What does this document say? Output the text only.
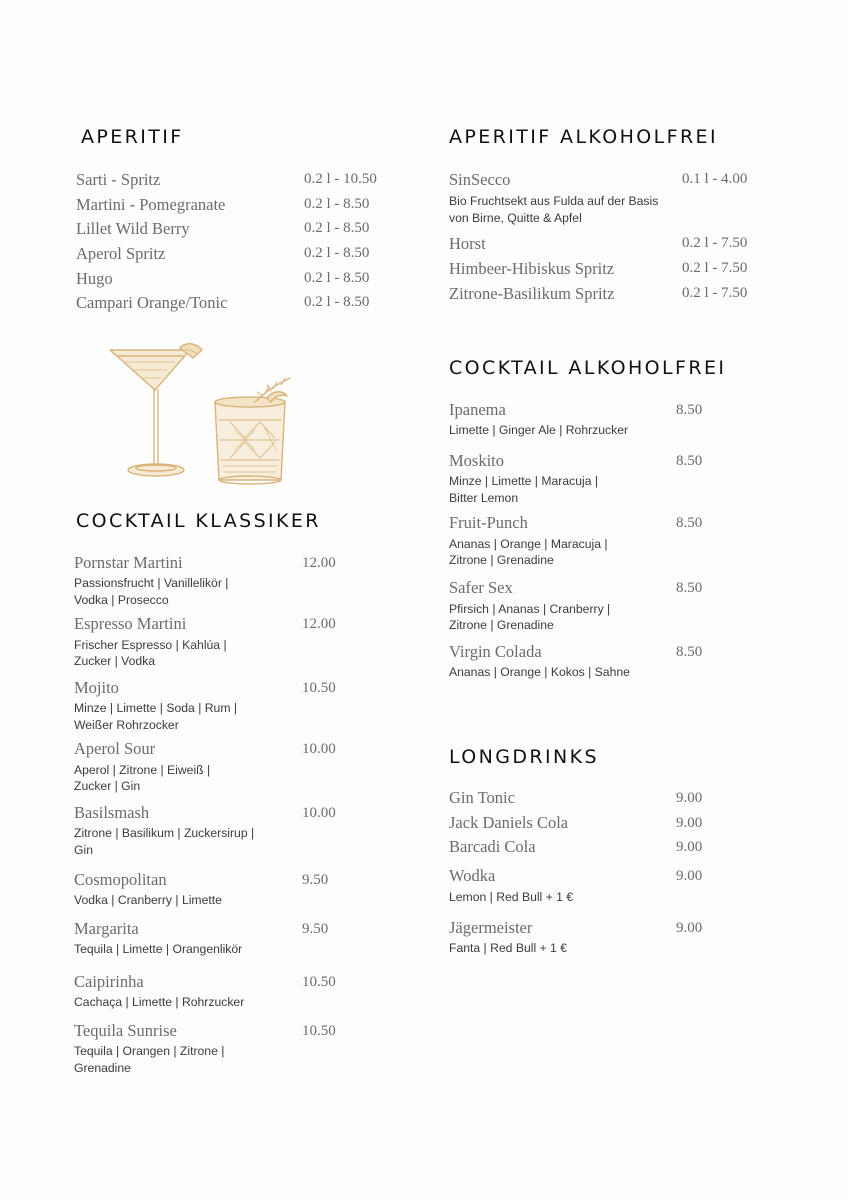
APERITIF
Sarti - Spritz	0.2 l - 10.50
Martini - Pomegranate	0.2 l - 8.50
Lillet Wild Berry	0.2 l - 8.50
Aperol Spritz	0.2 l - 8.50
Hugo	0.2 l - 8.50
Campari Orange/Tonic	0.2 l - 8.50
COCKTAIL KLASSIKER
Pornstar Martini	12.00
Passionsfrucht | Vanillelikör |
Vodka | Prosecco
Espresso Martini	12.00
Frischer Espresso | Kahlúa |
Zucker | Vodka
Mojito	10.50
Minze | Limette | Soda | Rum |
Weißer Rohrzocker
Aperol Sour	10.00
Aperol | Zitrone | Eiweiß |
Zucker | Gin
Basilsmash	10.00
Zitrone | Basilikum | Zuckersirup |
Gin
Cosmopolitan	9.50
Vodka | Cranberry | Limette
Margarita	9.50
Tequila | Limette | Orangenlikör
Caipirinha	10.50
Cachaça | Limette | Rohrzucker
Tequila Sunrise	10.50
Tequila | Orangen | Zitrone |
Grenadine
APERITIF ALKOHOLFREI
SinSecco	0.1 l - 4.00
Bio Fruchtsekt aus Fulda auf der Basis
von Birne, Quitte & Apfel
Horst	0.2 l - 7.50
Himbeer-Hibiskus Spritz	0.2 l - 7.50
Zitrone-Basilikum Spritz	0.2 l - 7.50
COCKTAIL ALKOHOLFREI
Ipanema	8.50
Limette | Ginger Ale | Rohrzucker
Moskito	8.50
Minze | Limette | Maracuja |
Bitter Lemon
Fruit-Punch	8.50
Ananas | Orange | Maracuja |
Zitrone | Grenadine
Safer Sex	8.50
Pfirsich | Ananas | Cranberry |
Zitrone | Grenadine
Virgin Colada	8.50
Ananas | Orange | Kokos | Sahne
LONGDRINKS
Gin Tonic	9.00
Jack Daniels Cola	9.00
Barcadi Cola	9.00
Wodka	9.00
Lemon | Red Bull + 1 €
Jägermeister	9.00
Fanta | Red Bull + 1 €
